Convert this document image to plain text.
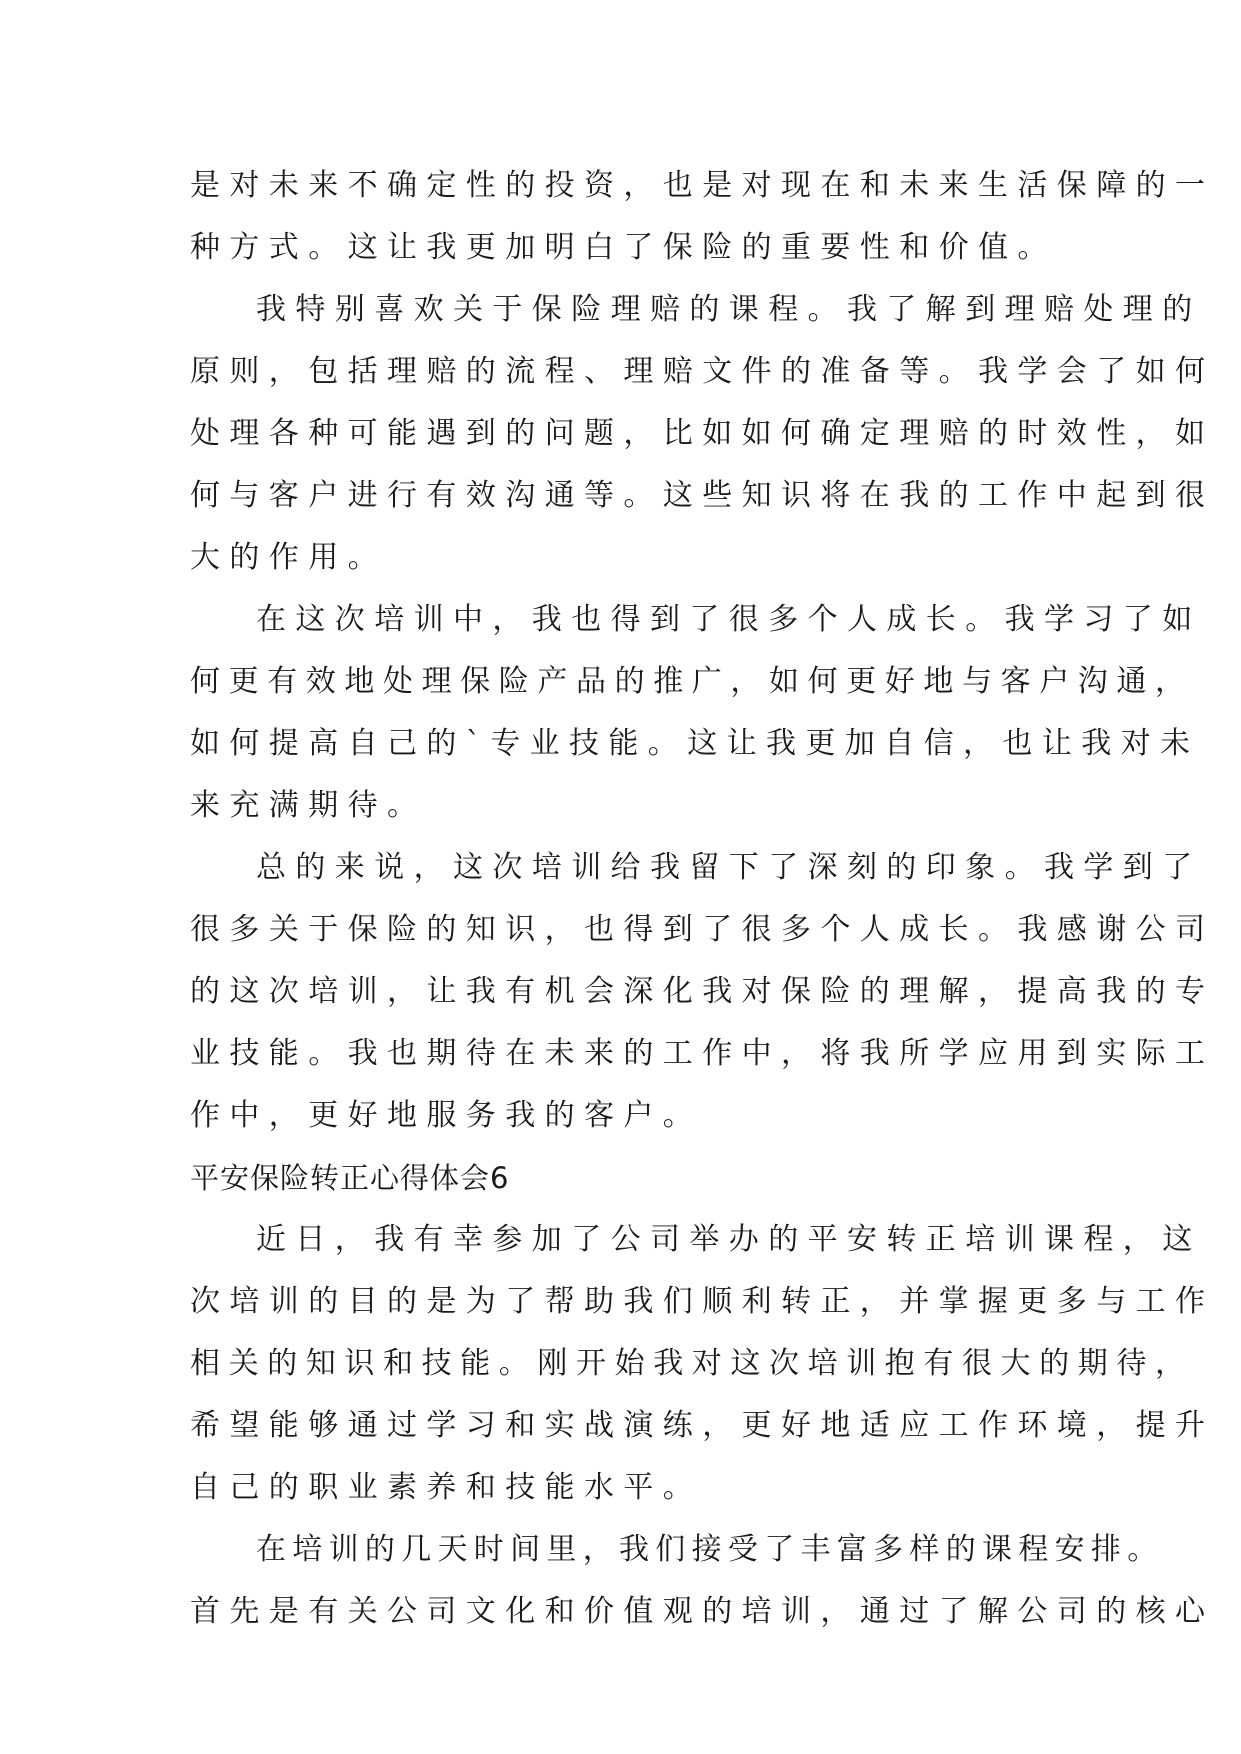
是对未来不确定性的投资，也是对现在和未来生活保障的一
种方式。这让我更加明白了保险的重要性和价值。
我特别喜欢关于保险理赔的课程。我了解到理赔处理的
原则，包括理赔的流程、理赔文件的准备等。我学会了如何
处理各种可能遇到的问题，比如如何确定理赔的时效性，如
何与客户进行有效沟通等。这些知识将在我的工作中起到很
大的作用。
在这次培训中，我也得到了很多个人成长。我学习了如
何更有效地处理保险产品的推广，如何更好地与客户沟通，
如何提高自己的`专业技能。这让我更加自信，也让我对未
来充满期待。
总的来说，这次培训给我留下了深刻的印象。我学到了
很多关于保险的知识，也得到了很多个人成长。我感谢公司
的这次培训，让我有机会深化我对保险的理解，提高我的专
业技能。我也期待在未来的工作中，将我所学应用到实际工
作中，更好地服务我的客户。
平安保险转正心得体会6
近日，我有幸参加了公司举办的平安转正培训课程，这
次培训的目的是为了帮助我们顺利转正，并掌握更多与工作
相关的知识和技能。刚开始我对这次培训抱有很大的期待，
希望能够通过学习和实战演练，更好地适应工作环境，提升
自己的职业素养和技能水平。
在培训的几天时间里，我们接受了丰富多样的课程安排。
首先是有关公司文化和价值观的培训，通过了解公司的核心
